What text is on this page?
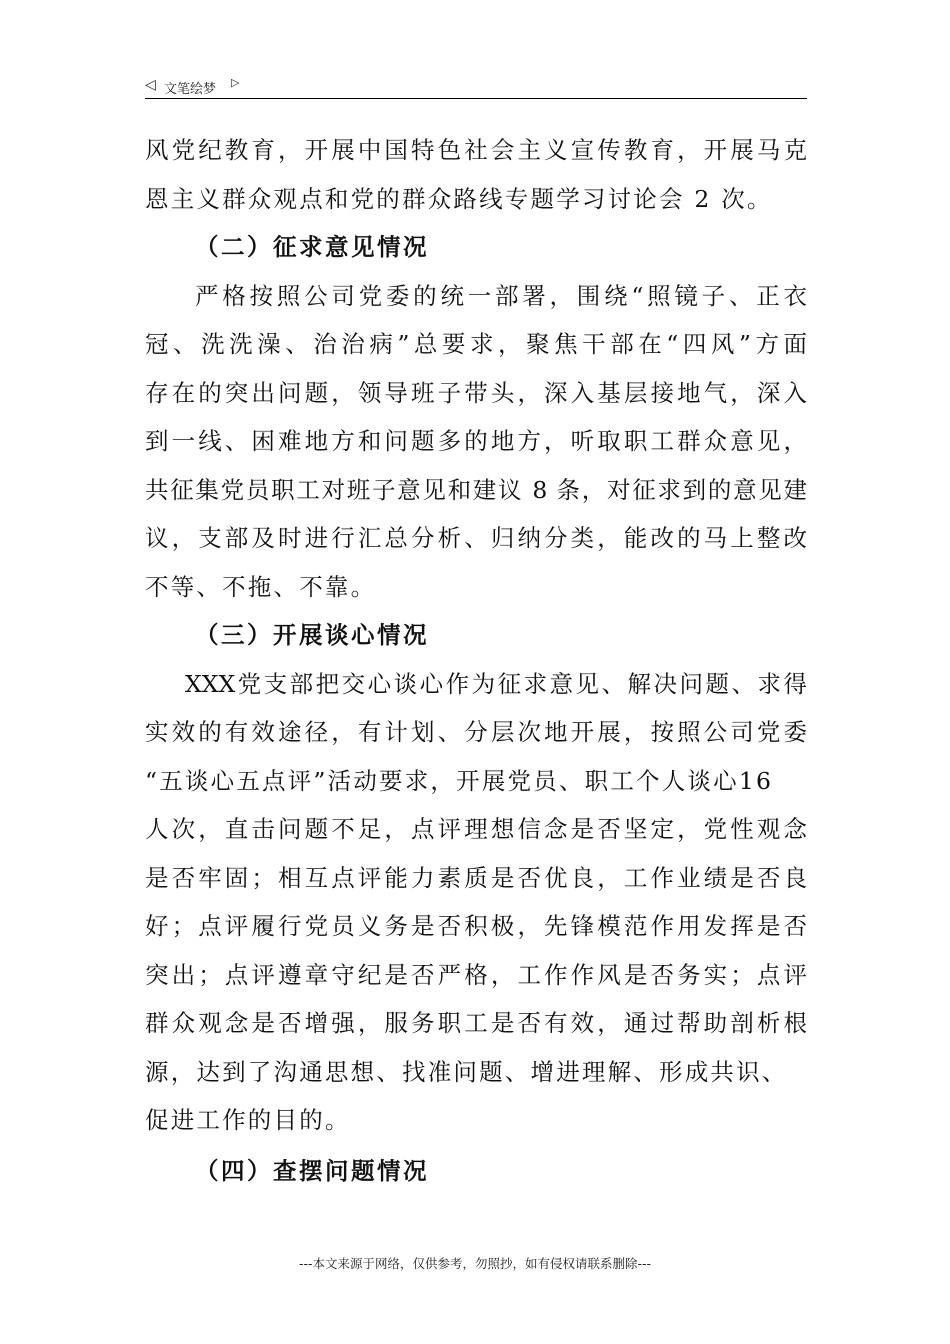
◁ 文笔绘梦 ▷
风党纪教育，开展中国特色社会主义宣传教育，开展马克
恩主义群众观点和党的群众路线专题学习讨论会 2 次。
（二）征求意见情况
严格按照公司党委的统一部署，围绕“照镜子、正衣
冠、洗洗澡、治治病”总要求，聚焦干部在“四风”方面
存在的突出问题，领导班子带头，深入基层接地气，深入
到一线、困难地方和问题多的地方，听取职工群众意见，
共征集党员职工对班子意见和建议 8 条，对征求到的意见建
议，支部及时进行汇总分析、归纳分类，能改的马上整改
不等、不拖、不靠。
（三）开展谈心情况
XXX党支部把交心谈心作为征求意见、解决问题、求得
实效的有效途径，有计划、分层次地开展，按照公司党委
“五谈心五点评”活动要求，开展党员、职工个人谈心16
人次，直击问题不足，点评理想信念是否坚定，党性观念
是否牢固；相互点评能力素质是否优良，工作业绩是否良
好；点评履行党员义务是否积极，先锋模范作用发挥是否
突出；点评遵章守纪是否严格，工作作风是否务实；点评
群众观念是否增强，服务职工是否有效，通过帮助剖析根
源，达到了沟通思想、找准问题、增进理解、形成共识、
促进工作的目的。
（四）查摆问题情况
---本文来源于网络，仅供参考，勿照抄，如有侵权请联系删除---
